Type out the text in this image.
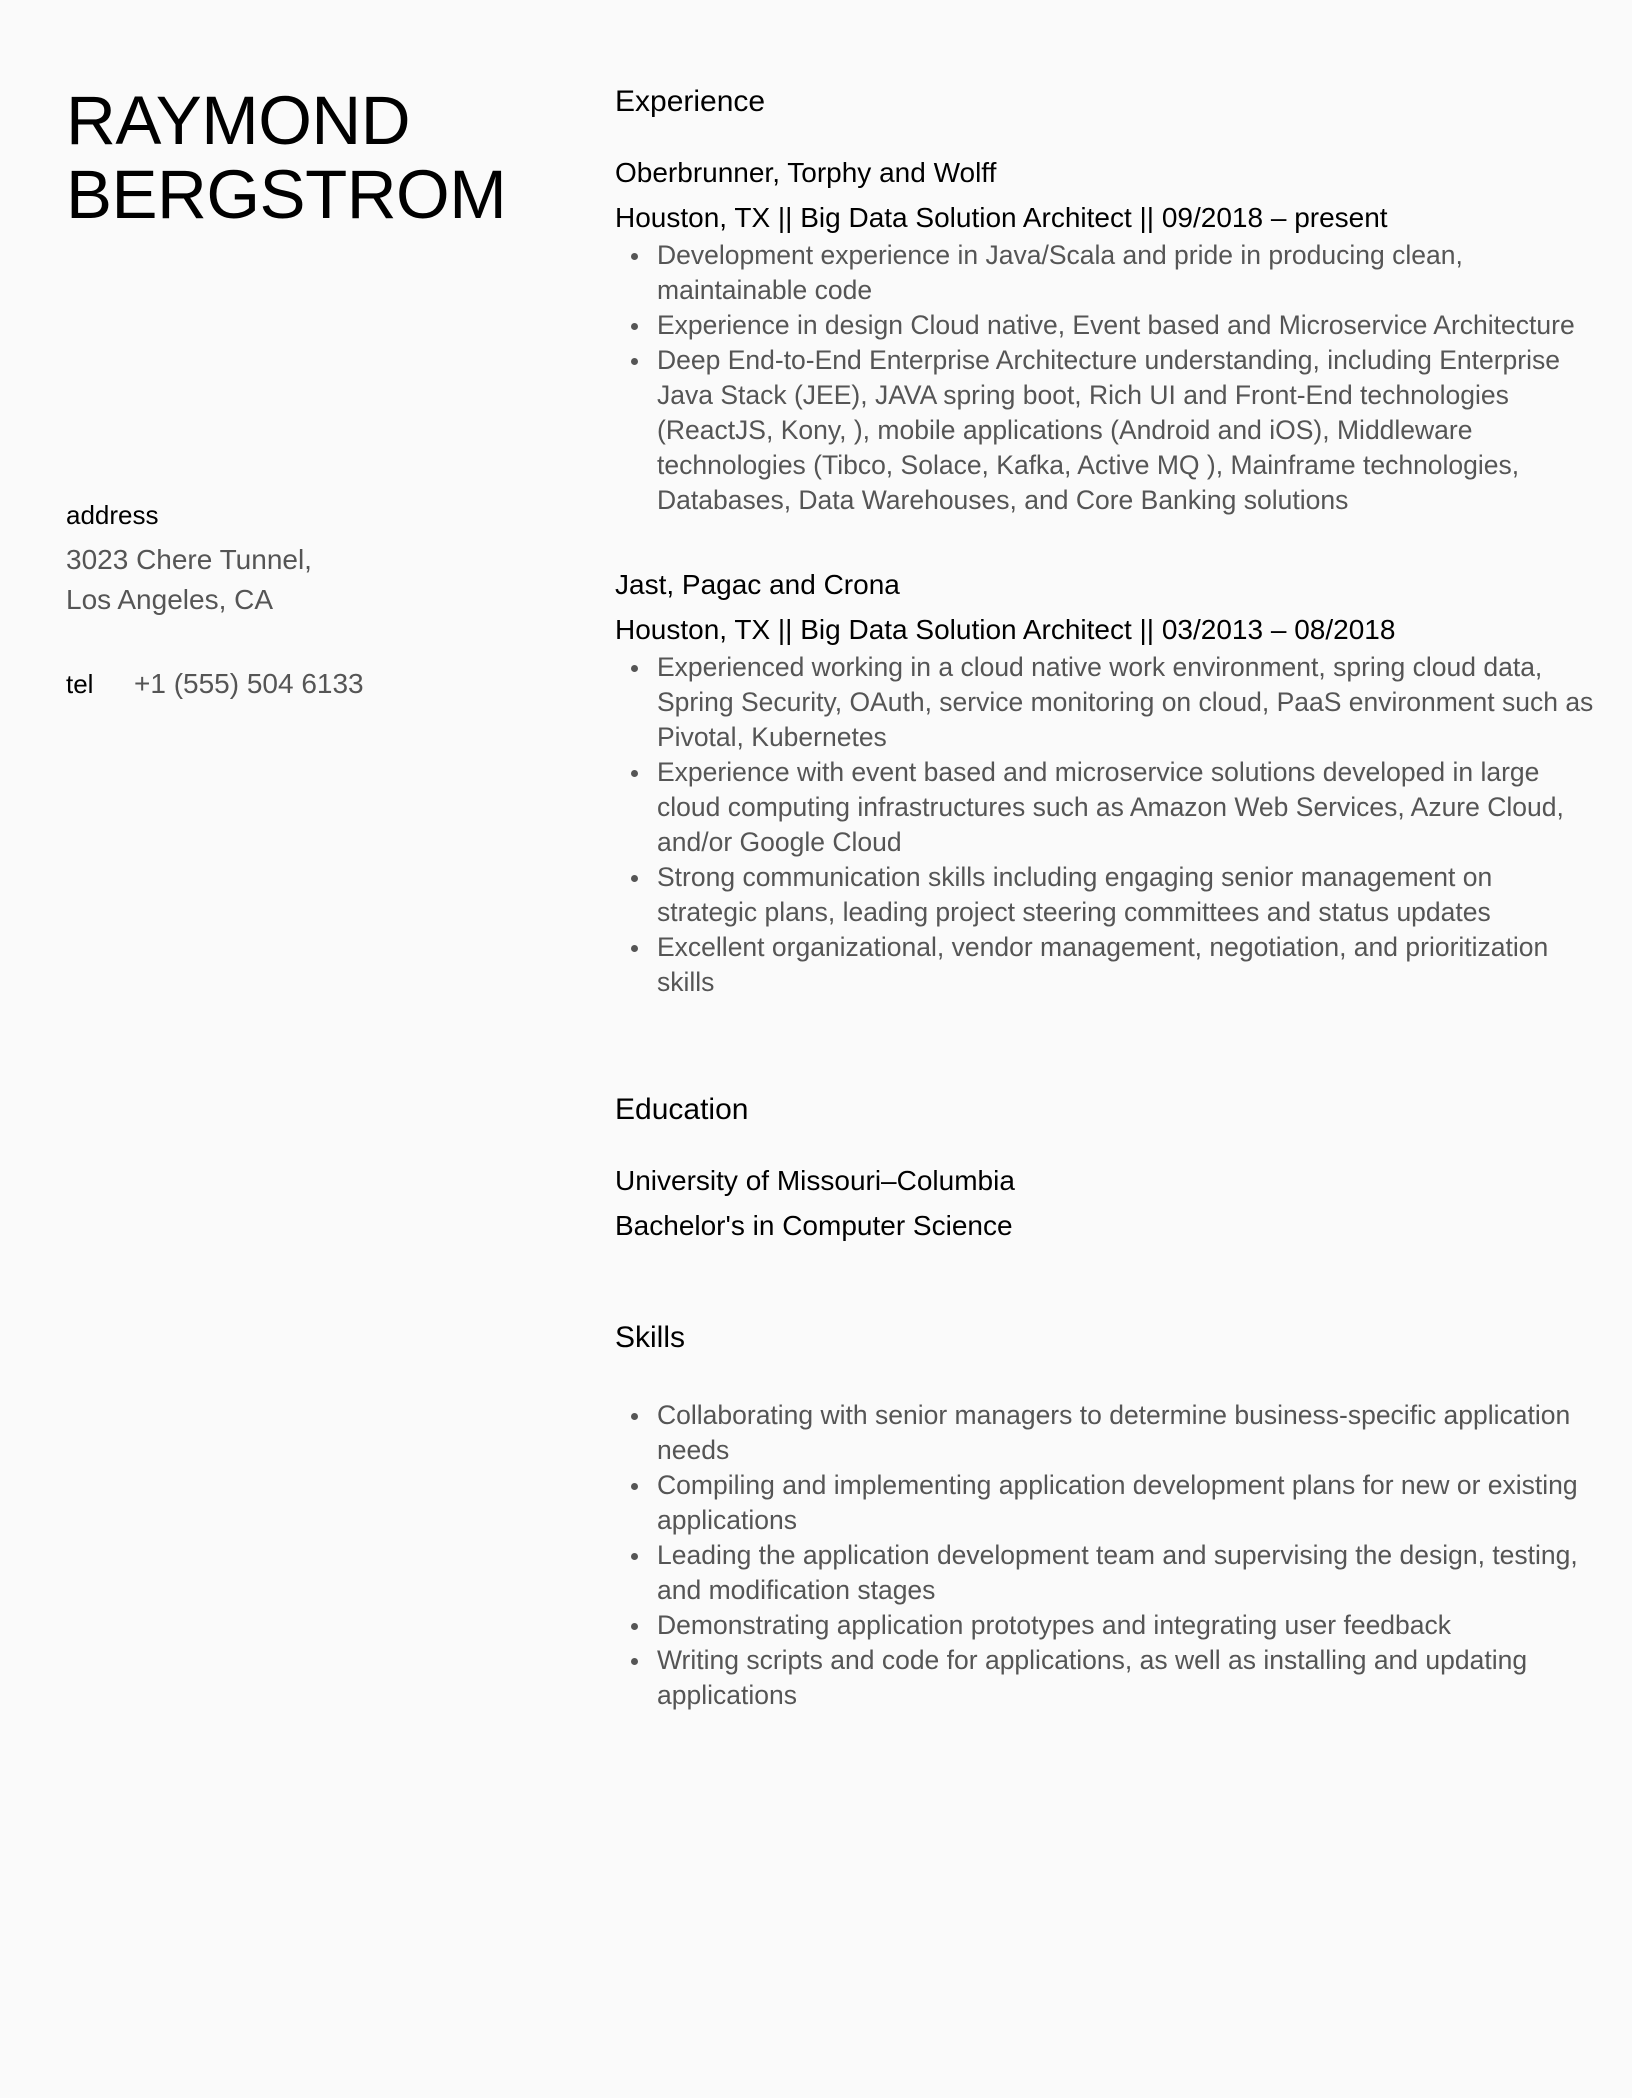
RAYMOND
BERGSTROM
address
3023 Chere Tunnel,
Los Angeles, CA
tel	+1 (555) 504 6133
Experience
Oberbrunner, Torphy and Wolff
Houston, TX || Big Data Solution Architect || 09/2018 – present
Development experience in Java/Scala and pride in producing clean, maintainable code
Experience in design Cloud native, Event based and Microservice Architecture
Deep End-to-End Enterprise Architecture understanding, including Enterprise Java Stack (JEE), JAVA spring boot, Rich UI and Front-End technologies (ReactJS, Kony, ), mobile applications (Android and iOS), Middleware technologies (Tibco, Solace, Kafka, Active MQ ), Mainframe technologies, Databases, Data Warehouses, and Core Banking solutions
Jast, Pagac and Crona
Houston, TX || Big Data Solution Architect || 03/2013 – 08/2018
Experienced working in a cloud native work environment, spring cloud data, Spring Security, OAuth, service monitoring on cloud, PaaS environment such as Pivotal, Kubernetes
Experience with event based and microservice solutions developed in large cloud computing infrastructures such as Amazon Web Services, Azure Cloud, and/or Google Cloud
Strong communication skills including engaging senior management on strategic plans, leading project steering committees and status updates
Excellent organizational, vendor management, negotiation, and prioritization skills
Education
University of Missouri–Columbia
Bachelor's in Computer Science
Skills
Collaborating with senior managers to determine business-specific application needs
Compiling and implementing application development plans for new or existing applications
Leading the application development team and supervising the design, testing, and modification stages
Demonstrating application prototypes and integrating user feedback
Writing scripts and code for applications, as well as installing and updating applications
